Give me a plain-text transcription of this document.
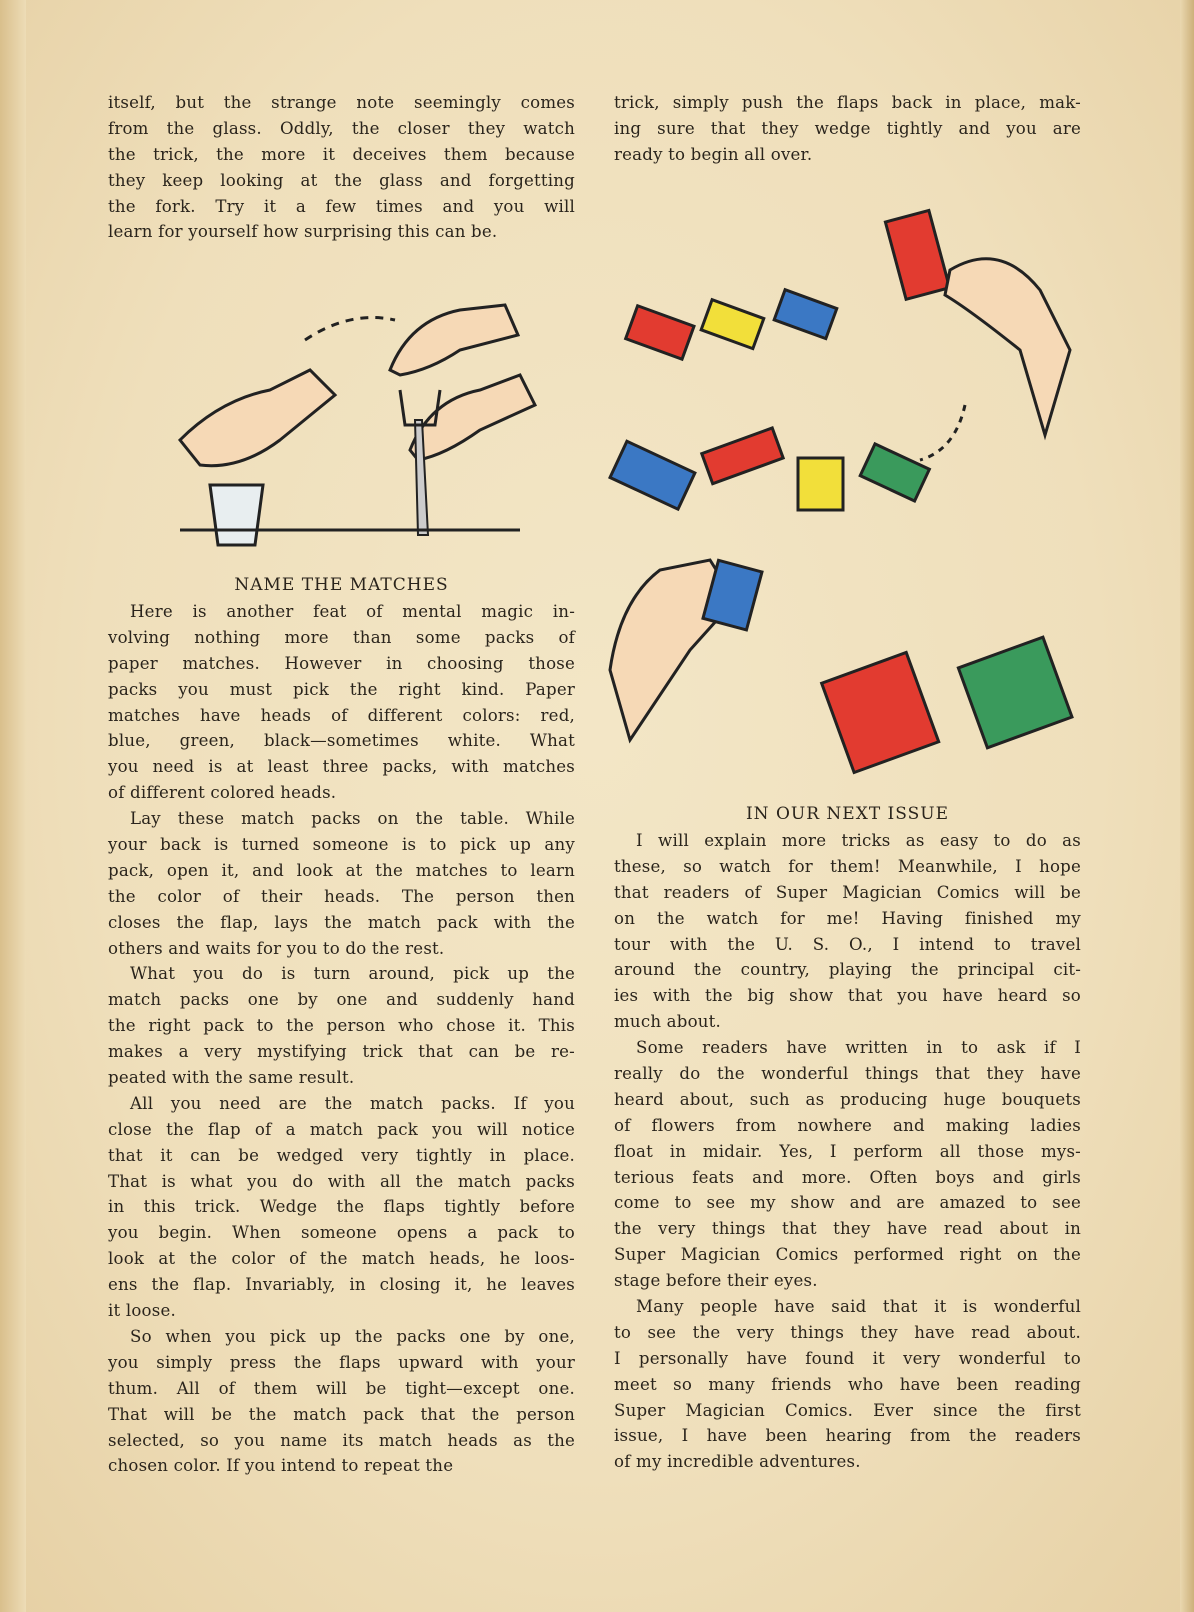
itself, but the strange note seemingly comes
from the glass. Oddly, the closer they watch
the trick, the more it deceives them because
they keep looking at the glass and forgetting
the fork. Try it a few times and you will
learn for yourself how surprising this can be.
NAME THE MATCHES
Here is another feat of mental magic in-
volving nothing more than some packs of
paper matches. However in choosing those
packs you must pick the right kind. Paper
matches have heads of different colors: red,
blue, green, black—sometimes white. What
you need is at least three packs, with matches
of different colored heads.
Lay these match packs on the table. While
your back is turned someone is to pick up any
pack, open it, and look at the matches to learn
the color of their heads. The person then
closes the flap, lays the match pack with the
others and waits for you to do the rest.
What you do is turn around, pick up the
match packs one by one and suddenly hand
the right pack to the person who chose it. This
makes a very mystifying trick that can be re-
peated with the same result.
All you need are the match packs. If you
close the flap of a match pack you will notice
that it can be wedged very tightly in place.
That is what you do with all the match packs
in this trick. Wedge the flaps tightly before
you begin. When someone opens a pack to
look at the color of the match heads, he loos-
ens the flap. Invariably, in closing it, he leaves
it loose.
So when you pick up the packs one by one,
you simply press the flaps upward with your
thum. All of them will be tight—except one.
That will be the match pack that the person
selected, so you name its match heads as the
chosen color. If you intend to repeat the
trick, simply push the flaps back in place, mak-
ing sure that they wedge tightly and you are
ready to begin all over.
IN OUR NEXT ISSUE
I will explain more tricks as easy to do as
these, so watch for them! Meanwhile, I hope
that readers of Super Magician Comics will be
on the watch for me! Having finished my
tour with the U. S. O., I intend to travel
around the country, playing the principal cit-
ies with the big show that you have heard so
much about.
Some readers have written in to ask if I
really do the wonderful things that they have
heard about, such as producing huge bouquets
of flowers from nowhere and making ladies
float in midair. Yes, I perform all those mys-
terious feats and more. Often boys and girls
come to see my show and are amazed to see
the very things that they have read about in
Super Magician Comics performed right on the
stage before their eyes.
Many people have said that it is wonderful
to see the very things they have read about.
I personally have found it very wonderful to
meet so many friends who have been reading
Super Magician Comics. Ever since the first
issue, I have been hearing from the readers
of my incredible adventures.
